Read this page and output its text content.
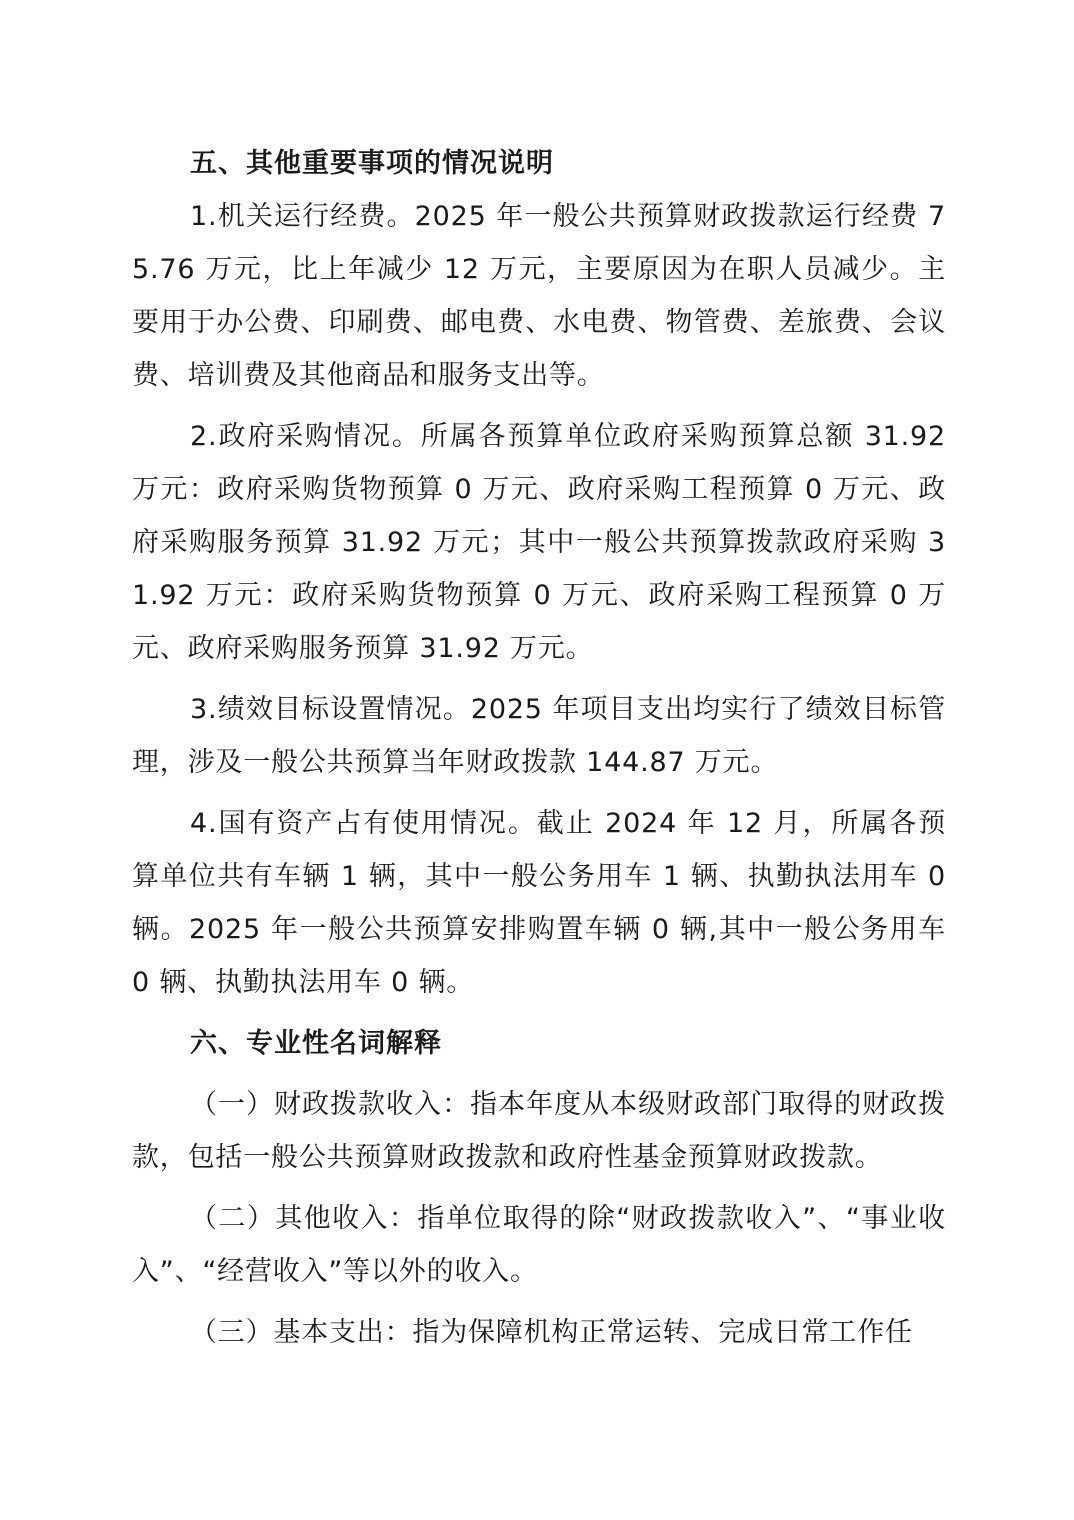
五、其他重要事项的情况说明

1.机关运行经费。2025 年一般公共预算财政拨款运行经费 75.76 万元，比上年减少 12 万元，主要原因为在职人员减少。主要用于办公费、印刷费、邮电费、水电费、物管费、差旅费、会议费、培训费及其他商品和服务支出等。

2.政府采购情况。所属各预算单位政府采购预算总额 31.92 万元：政府采购货物预算 0 万元、政府采购工程预算 0 万元、政府采购服务预算 31.92 万元；其中一般公共预算拨款政府采购 31.92 万元：政府采购货物预算 0 万元、政府采购工程预算 0 万元、政府采购服务预算 31.92 万元。

3.绩效目标设置情况。2025 年项目支出均实行了绩效目标管理，涉及一般公共预算当年财政拨款 144.87 万元。

4.国有资产占有使用情况。截止 2024 年 12 月，所属各预算单位共有车辆 1 辆，其中一般公务用车 1 辆、执勤执法用车 0 辆。2025 年一般公共预算安排购置车辆 0 辆,其中一般公务用车 0 辆、执勤执法用车 0 辆。

六、专业性名词解释

（一）财政拨款收入：指本年度从本级财政部门取得的财政拨款，包括一般公共预算财政拨款和政府性基金预算财政拨款。

（二）其他收入：指单位取得的除“财政拨款收入”、“事业收入”、“经营收入”等以外的收入。

（三）基本支出：指为保障机构正常运转、完成日常工作任
